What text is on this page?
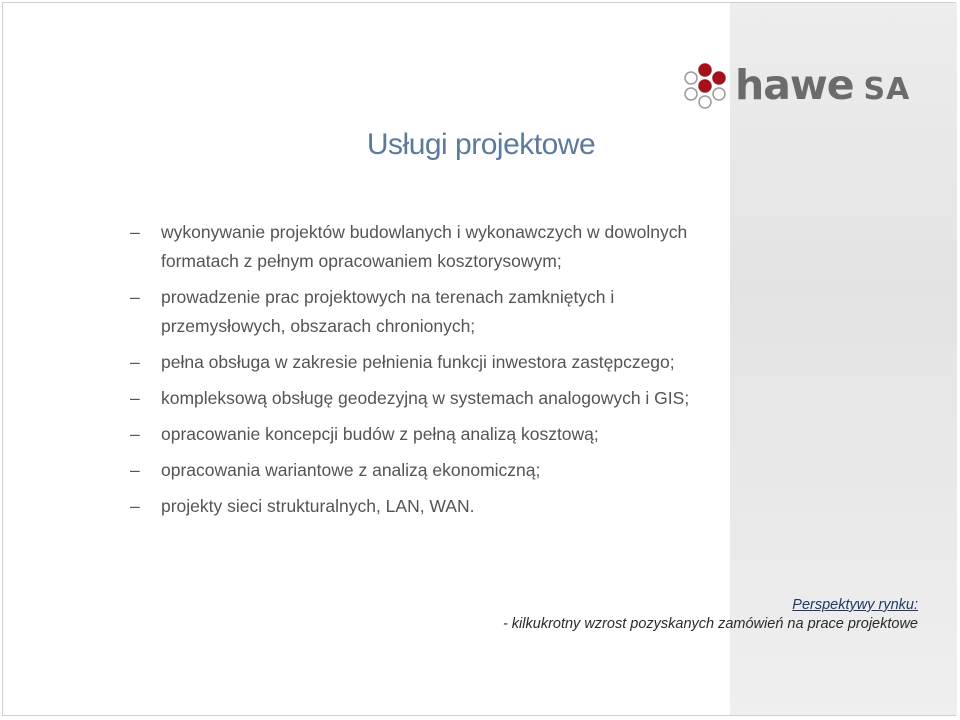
hawe SA
Usługi projektowe
– wykonywanie projektów budowlanych i wykonawczych w dowolnych formatach z pełnym opracowaniem kosztorysowym;
– prowadzenie prac projektowych na terenach zamkniętych i przemysłowych, obszarach chronionych;
– pełna obsługa w zakresie pełnienia funkcji inwestora zastępczego;
– kompleksową obsługę geodezyjną w systemach analogowych i GIS;
– opracowanie koncepcji budów z pełną analizą kosztową;
– opracowania wariantowe z analizą ekonomiczną;
– projekty sieci strukturalnych, LAN, WAN.
Perspektywy rynku:
- kilkukrotny wzrost pozyskanych zamówień na prace projektowe
